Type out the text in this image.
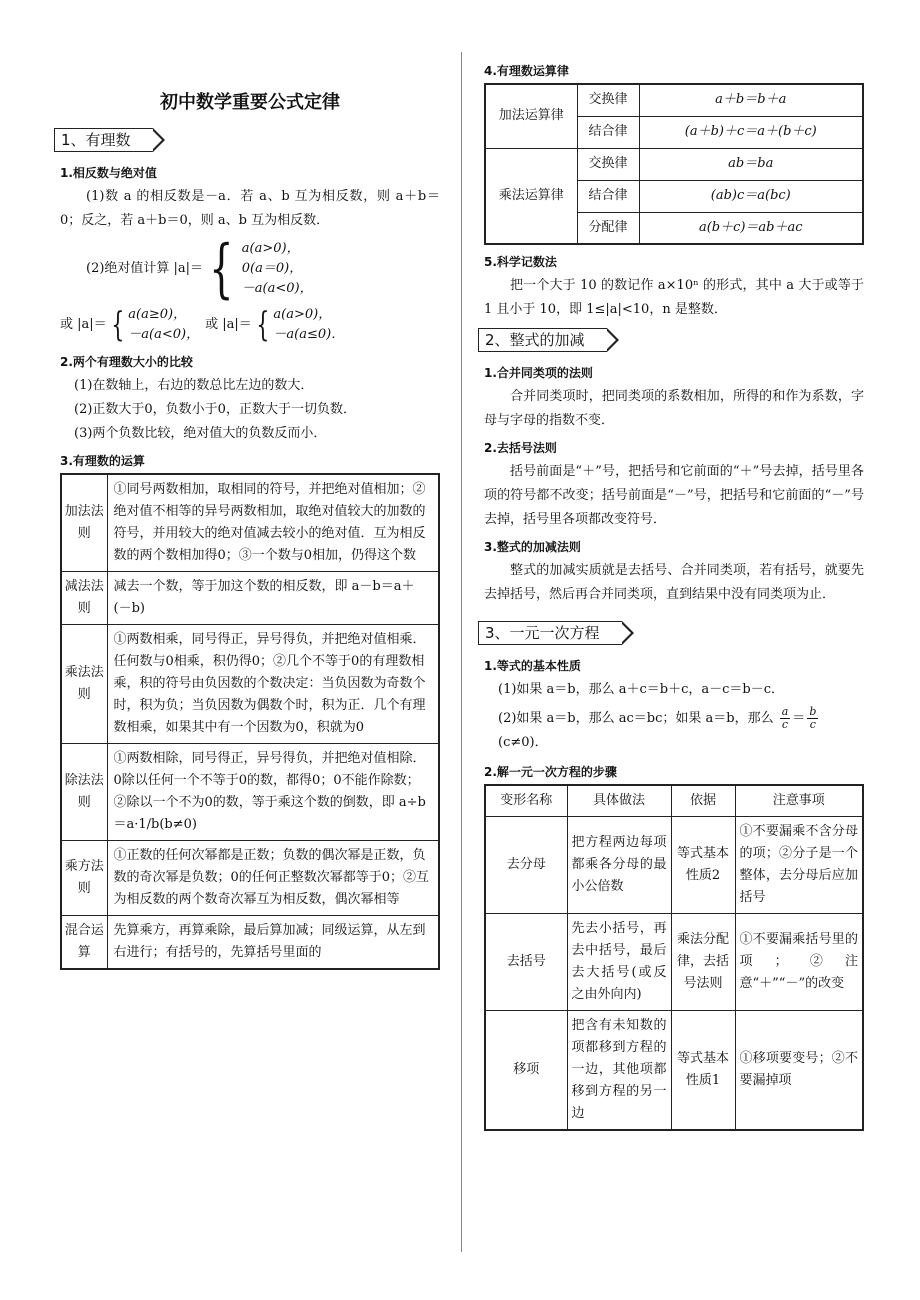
初中数学重要公式定律
1、有理数
1.相反数与绝对值
(1)数 a 的相反数是－a．若 a、b 互为相反数，则 a＋b＝0；反之，若 a＋b＝0，则 a、b 互为相反数．
(2)绝对值计算 |a|＝ { a(a>0)，
0(a＝0)，
－a(a<0)，
或 |a|＝ { a(a≥0)，
－a(a<0)，
或 |a|＝ { a(a>0)，
－a(a≤0)．
2.两个有理数大小的比较
(1)在数轴上，右边的数总比左边的数大．
(2)正数大于0，负数小于0，正数大于一切负数．
(3)两个负数比较，绝对值大的负数反而小．
3.有理数的运算
加法法则	①同号两数相加，取相同的符号，并把绝对值相加；②绝对值不相等的异号两数相加，取绝对值较大的加数的符号，并用较大的绝对值减去较小的绝对值．互为相反数的两个数相加得0；③一个数与0相加，仍得这个数
减法法则	减去一个数，等于加这个数的相反数，即 a－b＝a＋(－b)
乘法法则	①两数相乘，同号得正，异号得负，并把绝对值相乘．任何数与0相乘，积仍得0；②几个不等于0的有理数相乘，积的符号由负因数的个数决定：当负因数为奇数个时，积为负；当负因数为偶数个时，积为正．几个有理数相乘，如果其中有一个因数为0，积就为0
除法法则	①两数相除，同号得正，异号得负，并把绝对值相除．0除以任何一个不等于0的数，都得0；0不能作除数；②除以一个不为0的数，等于乘这个数的倒数，即 a÷b＝a·1/b(b≠0)
乘方法则	①正数的任何次幂都是正数；负数的偶次幂是正数，负数的奇次幂是负数；0的任何正整数次幂都等于0；②互为相反数的两个数奇次幂互为相反数，偶次幂相等
混合运算	先算乘方，再算乘除，最后算加减；同级运算，从左到右进行；有括号的，先算括号里面的
4.有理数运算律
加法运算律	交换律	a＋b＝b＋a
	结合律	(a＋b)＋c＝a＋(b＋c)
乘法运算律	交换律	ab＝ba
	结合律	(ab)c＝a(bc)
	分配律	a(b＋c)＝ab＋ac
5.科学记数法
把一个大于 10 的数记作 a×10ⁿ 的形式，其中 a 大于或等于 1 且小于 10，即 1≤|a|<10，n 是整数．
2、整式的加减
1.合并同类项的法则
合并同类项时，把同类项的系数相加，所得的和作为系数，字母与字母的指数不变．
2.去括号法则
括号前面是“＋”号，把括号和它前面的“＋”号去掉，括号里各项的符号都不改变；括号前面是“－”号，把括号和它前面的“－”号去掉，括号里各项都改变符号．
3.整式的加减法则
整式的加减实质就是去括号、合并同类项，若有括号，就要先去掉括号，然后再合并同类项，直到结果中没有同类项为止．
3、一元一次方程
1.等式的基本性质
(1)如果 a＝b，那么 a＋c＝b＋c，a－c＝b－c．
(2)如果 a＝b，那么 ac＝bc；如果 a＝b，那么 $\frac{a}{c} = \frac{b}{c}$
(c≠0)．
2.解一元一次方程的步骤
变形名称	具体做法	依据	注意事项
去分母	把方程两边每项都乘各分母的最小公倍数	等式基本性质2	①不要漏乘不含分母的项；②分子是一个整体，去分母后应加括号
去括号	先去小括号，再去中括号，最后去大括号(或反之由外向内)	乘法分配律，去括号法则	①不要漏乘括号里的项；②注意“＋”“－”的改变
移项	把含有未知数的项都移到方程的一边，其他项都移到方程的另一边	等式基本性质1	①移项要变号；②不要漏掉项
